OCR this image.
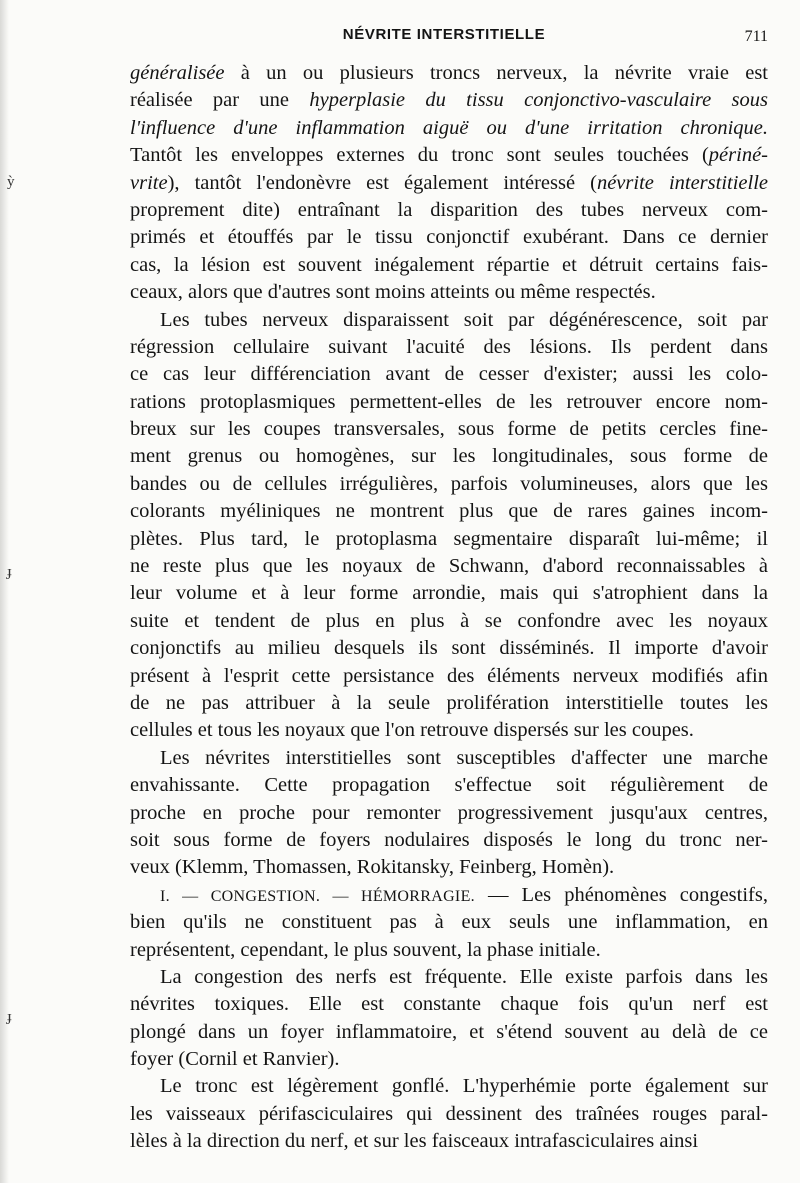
ỳ
ɟ
ɟ
NÉVRITE INTERSTITIELLE	711
généralisée à un ou plusieurs troncs nerveux, la névrite vraie est
réalisée par une hyperplasie du tissu conjonctivo-vasculaire sous
l'influence d'une inflammation aiguë ou d'une irritation chronique.
Tantôt les enveloppes externes du tronc sont seules touchées (périné-
vrite), tantôt l'endonèvre est également intéressé (névrite interstitielle
proprement dite) entraînant la disparition des tubes nerveux com-
primés et étouffés par le tissu conjonctif exubérant. Dans ce dernier
cas, la lésion est souvent inégalement répartie et détruit certains fais-
ceaux, alors que d'autres sont moins atteints ou même respectés.
Les tubes nerveux disparaissent soit par dégénérescence, soit par
régression cellulaire suivant l'acuité des lésions. Ils perdent dans
ce cas leur différenciation avant de cesser d'exister; aussi les colo-
rations protoplasmiques permettent-elles de les retrouver encore nom-
breux sur les coupes transversales, sous forme de petits cercles fine-
ment grenus ou homogènes, sur les longitudinales, sous forme de
bandes ou de cellules irrégulières, parfois volumineuses, alors que les
colorants myéliniques ne montrent plus que de rares gaines incom-
plètes. Plus tard, le protoplasma segmentaire disparaît lui-même; il
ne reste plus que les noyaux de Schwann, d'abord reconnaissables à
leur volume et à leur forme arrondie, mais qui s'atrophient dans la
suite et tendent de plus en plus à se confondre avec les noyaux
conjonctifs au milieu desquels ils sont disséminés. Il importe d'avoir
présent à l'esprit cette persistance des éléments nerveux modifiés afin
de ne pas attribuer à la seule prolifération interstitielle toutes les
cellules et tous les noyaux que l'on retrouve dispersés sur les coupes.
Les névrites interstitielles sont susceptibles d'affecter une marche
envahissante. Cette propagation s'effectue soit régulièrement de
proche en proche pour remonter progressivement jusqu'aux centres,
soit sous forme de foyers nodulaires disposés le long du tronc ner-
veux (Klemm, Thomassen, Rokitansky, Feinberg, Homèn).
I. — CONGESTION. — HÉMORRAGIE. — Les phénomènes congestifs,
bien qu'ils ne constituent pas à eux seuls une inflammation, en
représentent, cependant, le plus souvent, la phase initiale.
La congestion des nerfs est fréquente. Elle existe parfois dans les
névrites toxiques. Elle est constante chaque fois qu'un nerf est
plongé dans un foyer inflammatoire, et s'étend souvent au delà de ce
foyer (Cornil et Ranvier).
Le tronc est légèrement gonflé. L'hyperhémie porte également sur
les vaisseaux périfasciculaires qui dessinent des traînées rouges paral-
lèles à la direction du nerf, et sur les faisceaux intrafasciculaires ainsi
